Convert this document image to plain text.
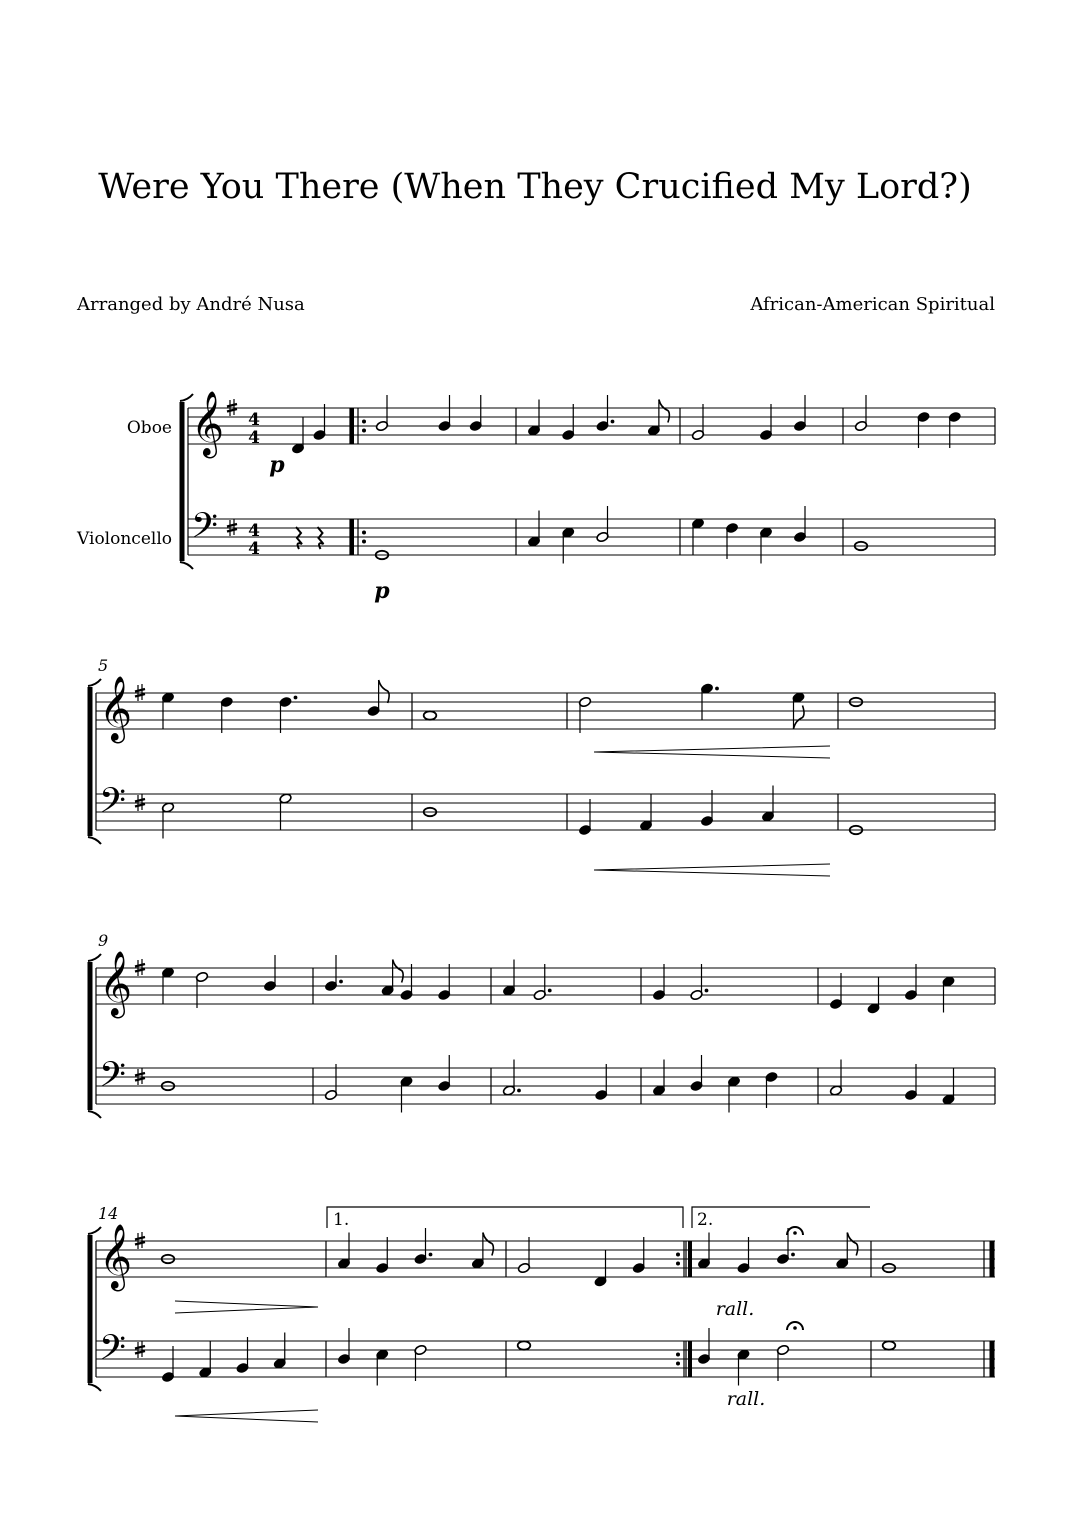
Were You There (When They Crucified My Lord?)
Arranged by André Nusa	African-American Spiritual
Oboe
Violoncello
𝄞
𝄢
4
4
4
4
𝄞
𝄢
5
𝄞
𝄢
9
𝄞
𝄢
14	1.	2.
p
p
rall.
rall.
